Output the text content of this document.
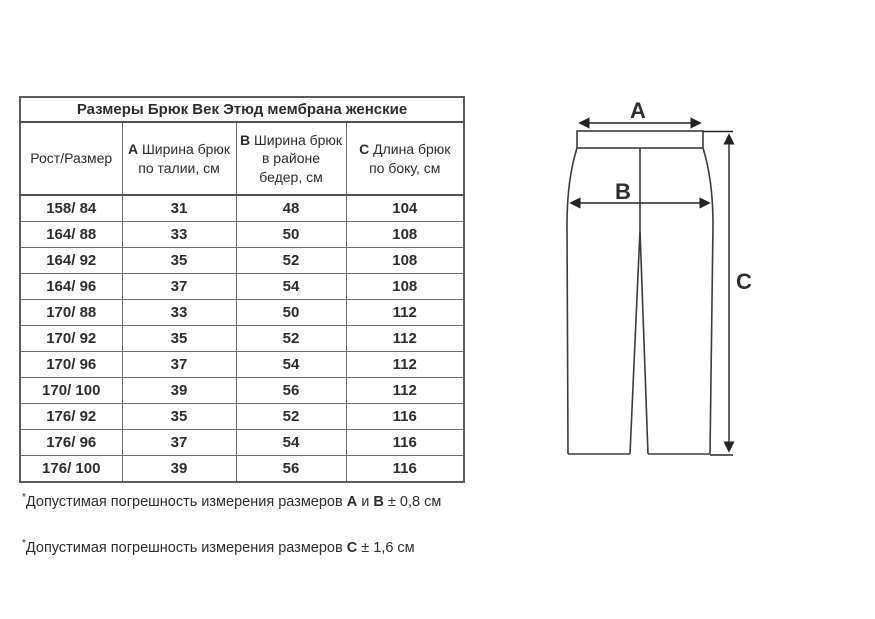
Размеры Брюк Век Этюд мембрана женские			
Рост/Размер	A Ширина брюк по талии, см	B Ширина брюк в районе бедер, см	C Длина брюк по боку, см
158/ 84	31	48	104
164/ 88	33	50	108
164/ 92	35	52	108
164/ 96	37	54	108
170/ 88	33	50	112
170/ 92	35	52	112
170/ 96	37	54	112
170/ 100	39	56	112
176/ 92	35	52	116
176/ 96	37	54	116
176/ 100	39	56	116
*Допустимая погрешность измерения размеров A и B ± 0,8 см
*Допустимая погрешность измерения размеров C ± 1,6 см
A
B
C
